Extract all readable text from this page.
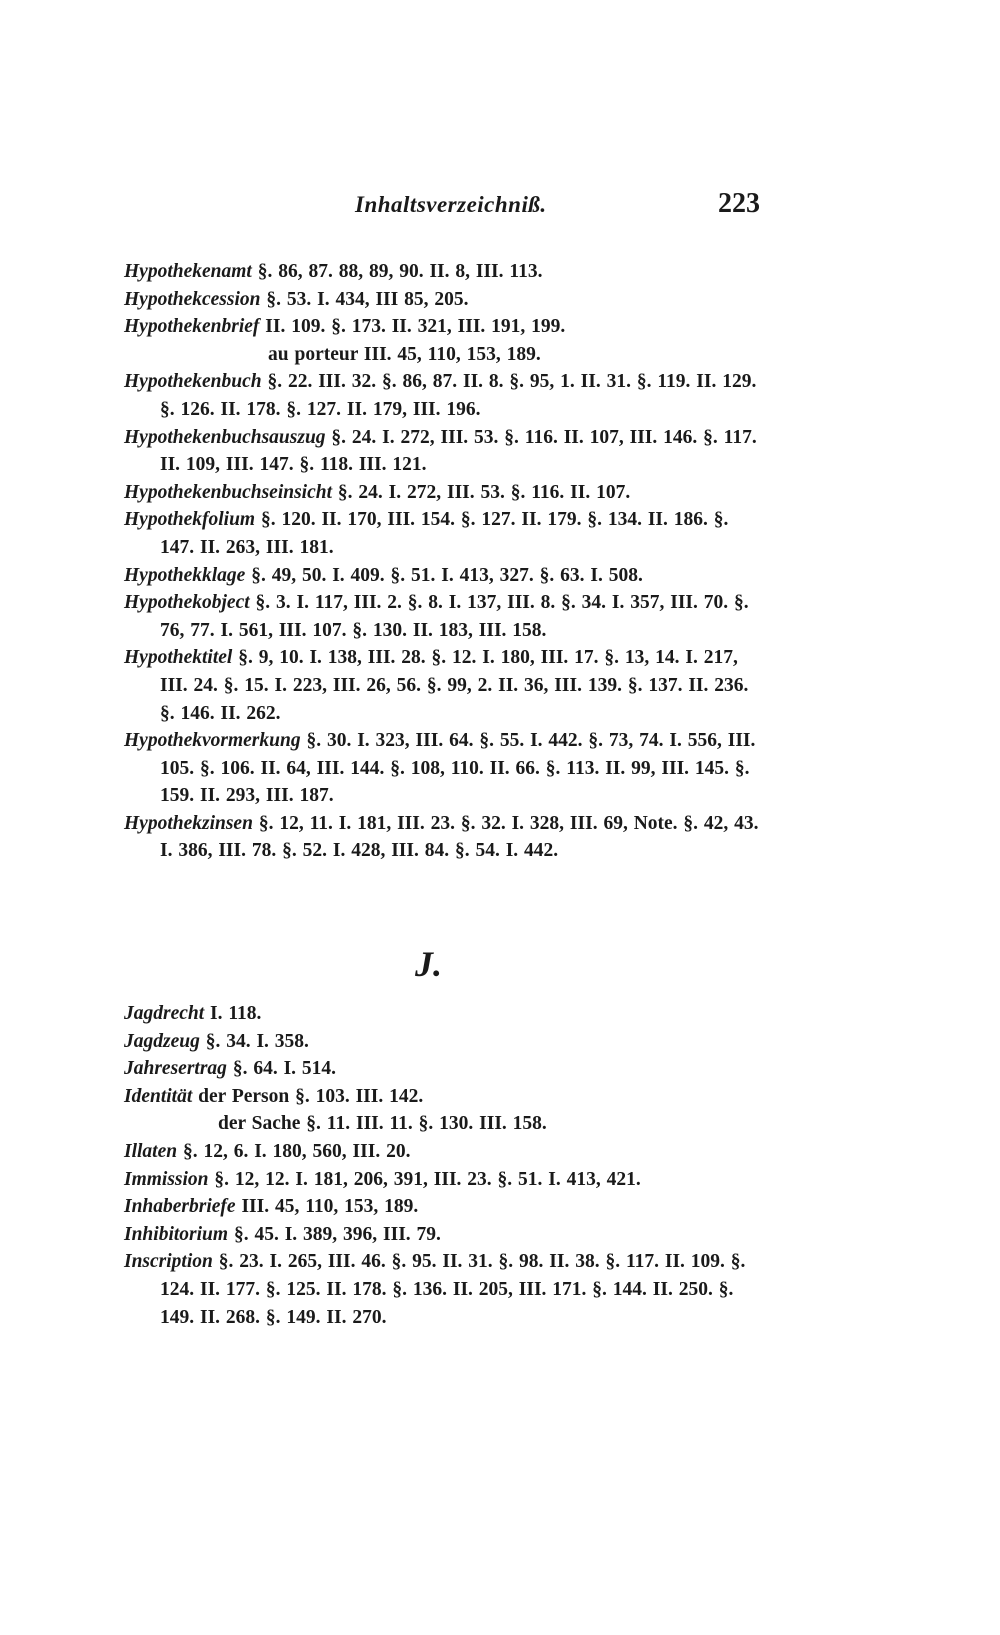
Inhaltsverzeichniß.	223
Hypothekenamt §. 86, 87. 88, 89, 90. II. 8, III. 113.
Hypothekcession §. 53. I. 434, III 85, 205.
Hypothekenbrief II. 109. §. 173. II. 321, III. 191, 199.
au porteur III. 45, 110, 153, 189.
Hypothekenbuch §. 22. III. 32. §. 86, 87. II. 8. §. 95, 1. II. 31. §. 119. II. 129. §. 126. II. 178. §. 127. II. 179, III. 196.
Hypothekenbuchsauszug §. 24. I. 272, III. 53. §. 116. II. 107, III. 146. §. 117. II. 109, III. 147. §. 118. III. 121.
Hypothekenbuchseinsicht §. 24. I. 272, III. 53. §. 116. II. 107.
Hypothekfolium §. 120. II. 170, III. 154. §. 127. II. 179. §. 134. II. 186. §. 147. II. 263, III. 181.
Hypothekklage §. 49, 50. I. 409. §. 51. I. 413, 327. §. 63. I. 508.
Hypothekobject §. 3. I. 117, III. 2. §. 8. I. 137, III. 8. §. 34. I. 357, III. 70. §. 76, 77. I. 561, III. 107. §. 130. II. 183, III. 158.
Hypothektitel §. 9, 10. I. 138, III. 28. §. 12. I. 180, III. 17. §. 13, 14. I. 217, III. 24. §. 15. I. 223, III. 26, 56. §. 99, 2. II. 36, III. 139. §. 137. II. 236. §. 146. II. 262.
Hypothekvormerkung §. 30. I. 323, III. 64. §. 55. I. 442. §. 73, 74. I. 556, III. 105. §. 106. II. 64, III. 144. §. 108, 110. II. 66. §. 113. II. 99, III. 145. §. 159. II. 293, III. 187.
Hypothekzinsen §. 12, 11. I. 181, III. 23. §. 32. I. 328, III. 69, Note. §. 42, 43. I. 386, III. 78. §. 52. I. 428, III. 84. §. 54. I. 442.
J.
Jagdrecht I. 118.
Jagdzeug §. 34. I. 358.
Jahresertrag §. 64. I. 514.
Identität der Person §. 103. III. 142.
der Sache §. 11. III. 11. §. 130. III. 158.
Illaten §. 12, 6. I. 180, 560, III. 20.
Immission §. 12, 12. I. 181, 206, 391, III. 23. §. 51. I. 413, 421.
Inhaberbriefe III. 45, 110, 153, 189.
Inhibitorium §. 45. I. 389, 396, III. 79.
Inscription §. 23. I. 265, III. 46. §. 95. II. 31. §. 98. II. 38. §. 117. II. 109. §. 124. II. 177. §. 125. II. 178. §. 136. II. 205, III. 171. §. 144. II. 250. §. 149. II. 268. §. 149. II. 270.
